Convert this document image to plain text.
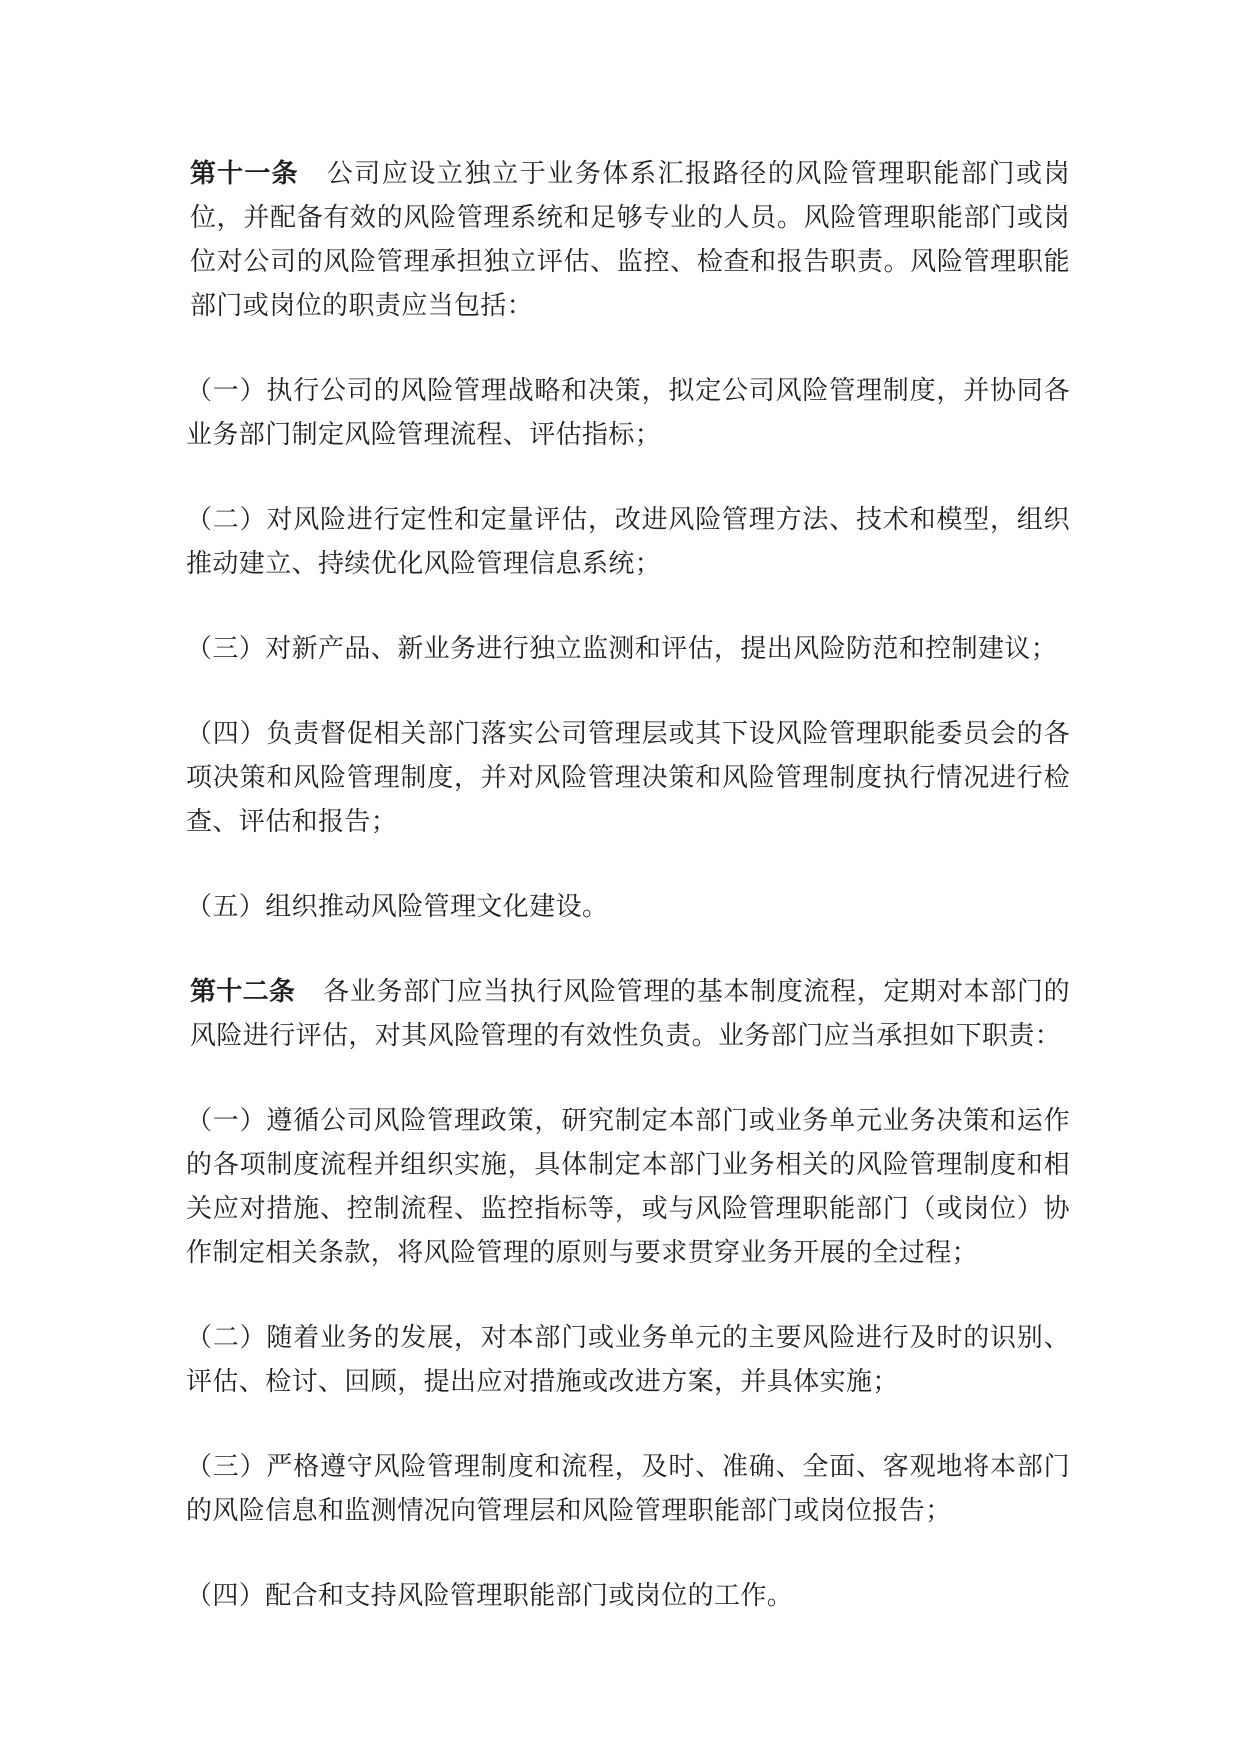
第十一条 公司应设立独立于业务体系汇报路径的风险管理职能部门或岗位，并配备有效的风险管理系统和足够专业的人员。风险管理职能部门或岗位对公司的风险管理承担独立评估、监控、检查和报告职责。风险管理职能部门或岗位的职责应当包括：

（一）执行公司的风险管理战略和决策，拟定公司风险管理制度，并协同各业务部门制定风险管理流程、评估指标；

（二）对风险进行定性和定量评估，改进风险管理方法、技术和模型，组织推动建立、持续优化风险管理信息系统；

（三）对新产品、新业务进行独立监测和评估，提出风险防范和控制建议；

（四）负责督促相关部门落实公司管理层或其下设风险管理职能委员会的各项决策和风险管理制度，并对风险管理决策和风险管理制度执行情况进行检查、评估和报告；

（五）组织推动风险管理文化建设。

第十二条 各业务部门应当执行风险管理的基本制度流程，定期对本部门的风险进行评估，对其风险管理的有效性负责。业务部门应当承担如下职责：

（一）遵循公司风险管理政策，研究制定本部门或业务单元业务决策和运作的各项制度流程并组织实施，具体制定本部门业务相关的风险管理制度和相关应对措施、控制流程、监控指标等，或与风险管理职能部门（或岗位）协作制定相关条款，将风险管理的原则与要求贯穿业务开展的全过程；

（二）随着业务的发展，对本部门或业务单元的主要风险进行及时的识别、评估、检讨、回顾，提出应对措施或改进方案，并具体实施；

（三）严格遵守风险管理制度和流程，及时、准确、全面、客观地将本部门的风险信息和监测情况向管理层和风险管理职能部门或岗位报告；

（四）配合和支持风险管理职能部门或岗位的工作。
